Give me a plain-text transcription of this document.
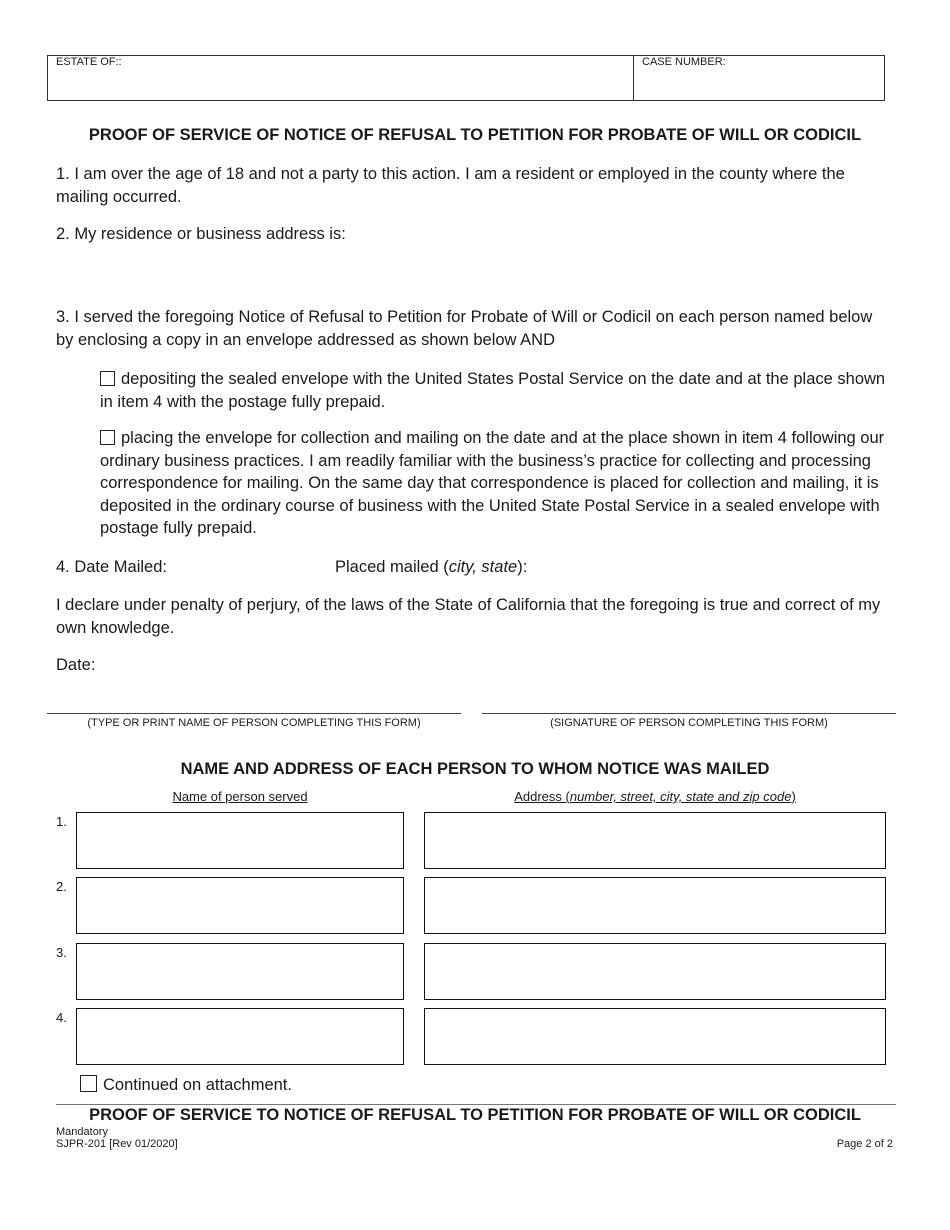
ESTATE OF::	CASE NUMBER:
PROOF OF SERVICE OF NOTICE OF REFUSAL TO PETITION FOR PROBATE OF WILL OR CODICIL
1. I am over the age of 18 and not a party to this action. I am a resident or employed in the county where the mailing occurred.
2. My residence or business address is:
3. I served the foregoing Notice of Refusal to Petition for Probate of Will or Codicil on each person named below by enclosing a copy in an envelope addressed as shown below AND
depositing the sealed envelope with the United States Postal Service on the date and at the place shown in item 4 with the postage fully prepaid.
placing the envelope for collection and mailing on the date and at the place shown in item 4 following our ordinary business practices. I am readily familiar with the business’s practice for collecting and processing correspondence for mailing. On the same day that correspondence is placed for collection and mailing, it is deposited in the ordinary course of business with the United State Postal Service in a sealed envelope with postage fully prepaid.
4. Date Mailed:	Placed mailed (city, state):
I declare under penalty of perjury, of the laws of the State of California that the foregoing is true and correct of my own knowledge.
Date:
(TYPE OR PRINT NAME OF PERSON COMPLETING THIS FORM)	(SIGNATURE OF PERSON COMPLETING THIS FORM)
NAME AND ADDRESS OF EACH PERSON TO WHOM NOTICE WAS MAILED
Name of person served	Address (number, street, city, state and zip code)
1.
2.
3.
4.
Continued on attachment.
PROOF OF SERVICE TO NOTICE OF REFUSAL TO PETITION FOR PROBATE OF WILL OR CODICIL
Mandatory
SJPR-201 [Rev 01/2020]	Page 2 of 2
